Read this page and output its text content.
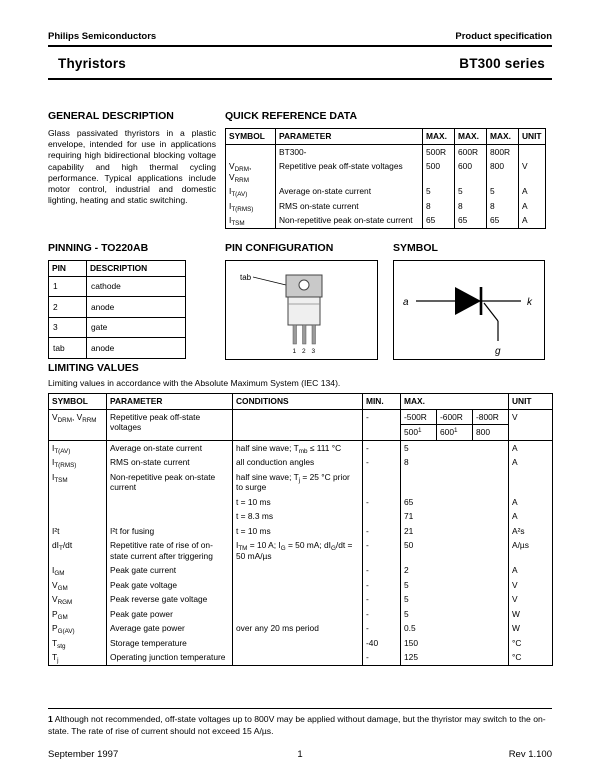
Philips Semiconductors	Product specification
Thyristors	BT300 series
GENERAL DESCRIPTION

Glass passivated thyristors in a plastic envelope, intended for use in applications requiring high bidirectional blocking voltage capability and high thermal cycling performance. Typical applications include motor control, industrial and domestic lighting, heating and static switching.

QUICK REFERENCE DATA
SYMBOL	PARAMETER	MAX.	MAX.	MAX.	UNIT
	BT300-	500R	600R	800R	
$V_{DRM}$, $V_{RRM}$	Repetitive peak off-state voltages	500	600	800	V
$I_{T(AV)}$	Average on-state current	5	5	5	A
$I_{T(RMS)}$	RMS on-state current	8	8	8	A
$I_{TSM}$	Non-repetitive peak on-state current	65	65	65	A
PINNING - TO220AB
PIN	DESCRIPTION
1	cathode
2	anode
3	gate
tab	anode
PIN CONFIGURATION
tab
1 2 3
SYMBOL
a	k
g
LIMITING VALUES

Limiting values in accordance with the Absolute Maximum System (IEC 134).

SYMBOL	PARAMETER	CONDITIONS	MIN.	MAX.			UNIT
$V_{DRM}$, $V_{RRM}$	Repetitive peak off-state voltages		-	-500R	-600R	-800R	V
				$500^1$	$600^1$	800	
$I_{T(AV)}$	Average on-state current	half sine wave; $T_{mb} \le 111$ °C	-	5			A
$I_{T(RMS)}$	RMS on-state current	all conduction angles	-	8			A
$I_{TSM}$	Non-repetitive peak on-state current	half sine wave; $T_j = 25$ °C prior to surge					
		t = 10 ms	-	65			A
		t = 8.3 ms		71			A
I²t	I²t for fusing	t = 10 ms	-	21			A²s
$dI_T/dt$	Repetitive rate of rise of on-state current after triggering	$I_{TM} = 10$ A; $I_G = 50$ mA; $dI_G/dt = 50$ mA/µs	-	50			A/µs
$I_{GM}$	Peak gate current		-	2			A
$V_{GM}$	Peak gate voltage		-	5			V
$V_{RGM}$	Peak reverse gate voltage		-	5			V
$P_{GM}$	Peak gate power		-	5			W
$P_{G(AV)}$	Average gate power	over any 20 ms period	-	0.5			W
$T_{stg}$	Storage temperature		-40	150			°C
$T_j$	Operating junction temperature		-	125			°C

1 Although not recommended, off-state voltages up to 800V may be applied without damage, but the thyristor may switch to the on-state. The rate of rise of current should not exceed 15 A/µs.

September 1997	1	Rev 1.100
